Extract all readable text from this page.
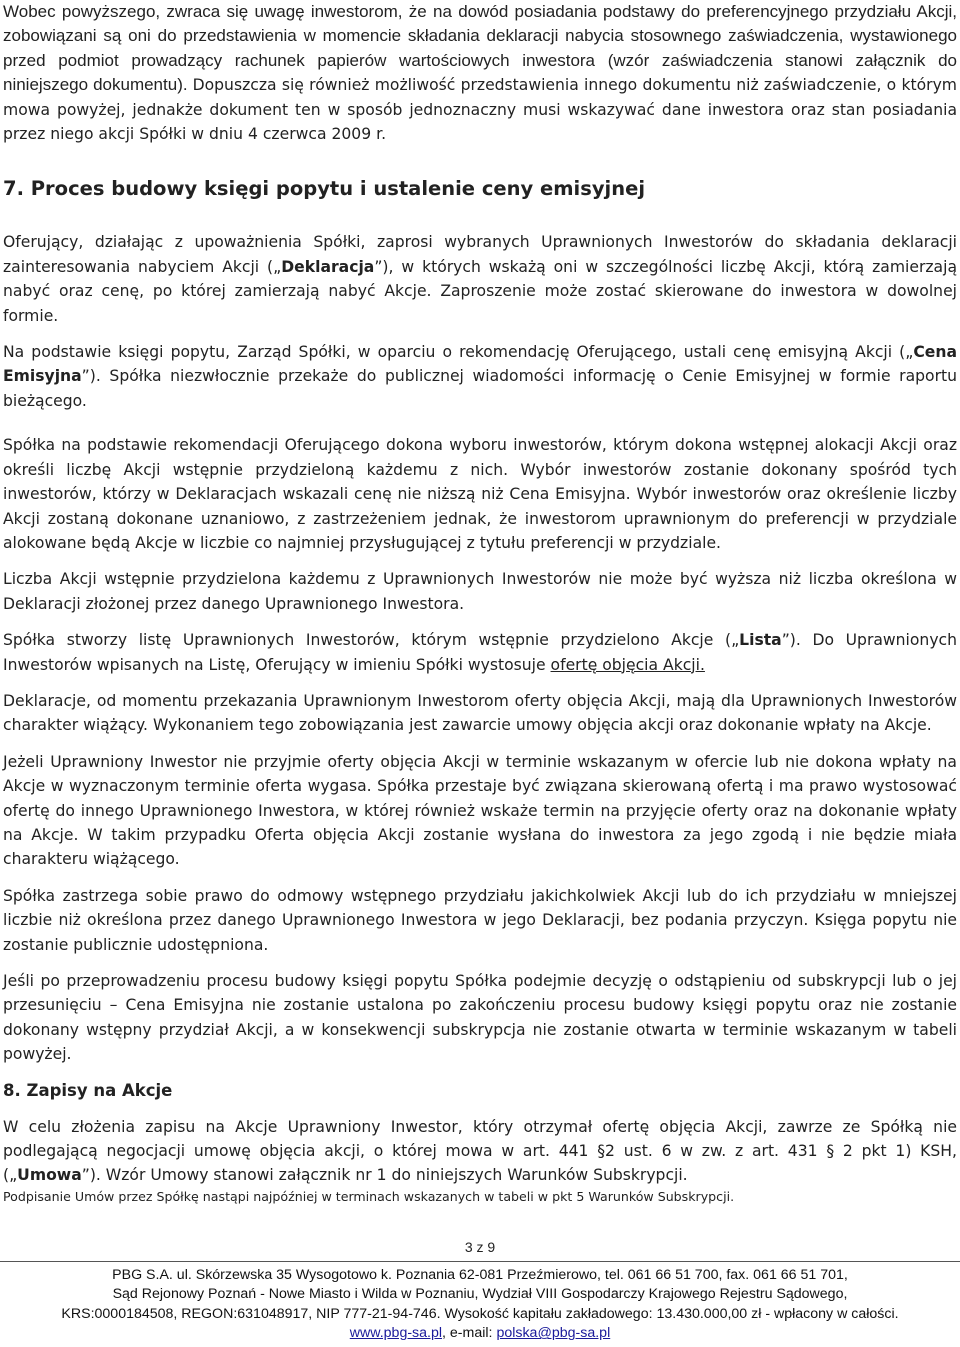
Wobec powyższego, zwraca się uwagę inwestorom, że na dowód posiadania podstawy do preferencyjnego przydziału Akcji, zobowiązani są oni do przedstawienia w momencie składania deklaracji nabycia stosownego zaświadczenia, wystawionego przed podmiot prowadzący rachunek papierów wartościowych inwestora (wzór zaświadczenia stanowi załącznik do niniejszego dokumentu). Dopuszcza się również możliwość przedstawienia innego dokumentu niż zaświadczenie, o którym mowa powyżej, jednakże dokument ten w sposób jednoznaczny musi wskazywać dane inwestora oraz stan posiadania przez niego akcji Spółki w dniu 4 czerwca 2009 r.

7. Proces budowy księgi popytu i ustalenie ceny emisyjnej

Oferujący, działając z upoważnienia Spółki, zaprosi wybranych Uprawnionych Inwestorów do składania deklaracji zainteresowania nabyciem Akcji („Deklaracja”), w których wskażą oni w szczególności liczbę Akcji, którą zamierzają nabyć oraz cenę, po której zamierzają nabyć Akcje. Zaproszenie może zostać skierowane do inwestora w dowolnej formie.

Na podstawie księgi popytu, Zarząd Spółki, w oparciu o rekomendację Oferującego, ustali cenę emisyjną Akcji („Cena Emisyjna”). Spółka niezwłocznie przekaże do publicznej wiadomości informację o Cenie Emisyjnej w formie raportu bieżącego.

Spółka na podstawie rekomendacji Oferującego dokona wyboru inwestorów, którym dokona wstępnej alokacji Akcji oraz określi liczbę Akcji wstępnie przydzieloną każdemu z nich. Wybór inwestorów zostanie dokonany spośród tych inwestorów, którzy w Deklaracjach wskazali cenę nie niższą niż Cena Emisyjna. Wybór inwestorów oraz określenie liczby Akcji zostaną dokonane uznaniowo, z zastrzeżeniem jednak, że inwestorom uprawnionym do preferencji w przydziale alokowane będą Akcje w liczbie co najmniej przysługującej z tytułu preferencji w przydziale.

Liczba Akcji wstępnie przydzielona każdemu z Uprawnionych Inwestorów nie może być wyższa niż liczba określona w Deklaracji złożonej przez danego Uprawnionego Inwestora.

Spółka stworzy listę Uprawnionych Inwestorów, którym wstępnie przydzielono Akcje („Lista”). Do Uprawnionych Inwestorów wpisanych na Listę, Oferujący w imieniu Spółki wystosuje ofertę objęcia Akcji.

Deklaracje, od momentu przekazania Uprawnionym Inwestorom oferty objęcia Akcji, mają dla Uprawnionych Inwestorów charakter wiążący. Wykonaniem tego zobowiązania jest zawarcie umowy objęcia akcji oraz dokonanie wpłaty na Akcje.

Jeżeli Uprawniony Inwestor nie przyjmie oferty objęcia Akcji w terminie wskazanym w ofercie lub nie dokona wpłaty na Akcje w wyznaczonym terminie oferta wygasa. Spółka przestaje być związana skierowaną ofertą i ma prawo wystosować ofertę do innego Uprawnionego Inwestora, w której również wskaże termin na przyjęcie oferty oraz na dokonanie wpłaty na Akcje. W takim przypadku Oferta objęcia Akcji zostanie wysłana do inwestora za jego zgodą i nie będzie miała charakteru wiążącego.

Spółka zastrzega sobie prawo do odmowy wstępnego przydziału jakichkolwiek Akcji lub do ich przydziału w mniejszej liczbie niż określona przez danego Uprawnionego Inwestora w jego Deklaracji, bez podania przyczyn. Księga popytu nie zostanie publicznie udostępniona.

Jeśli po przeprowadzeniu procesu budowy księgi popytu Spółka podejmie decyzję o odstąpieniu od subskrypcji lub o jej przesunięciu – Cena Emisyjna nie zostanie ustalona po zakończeniu procesu budowy księgi popytu oraz nie zostanie dokonany wstępny przydział Akcji, a w konsekwencji subskrypcja nie zostanie otwarta w terminie wskazanym w tabeli powyżej.

8. Zapisy na Akcje

W celu złożenia zapisu na Akcje Uprawniony Inwestor, który otrzymał ofertę objęcia Akcji, zawrze ze Spółką nie podlegającą negocjacji umowę objęcia akcji, o której mowa w art. 441 §2 ust. 6 w zw. z art. 431 § 2 pkt 1) KSH, („Umowa”). Wzór Umowy stanowi załącznik nr 1 do niniejszych Warunków Subskrypcji.

Podpisanie Umów przez Spółkę nastąpi najpóźniej w terminach wskazanych w tabeli w pkt 5 Warunków Subskrypcji.

3 z 9
PBG S.A. ul. Skórzewska 35 Wysogotowo k. Poznania 62-081 Przeźmierowo, tel. 061 66 51 700, fax. 061 66 51 701,
Sąd Rejonowy Poznań - Nowe Miasto i Wilda w Poznaniu, Wydział VIII Gospodarczy Krajowego Rejestru Sądowego,
KRS:0000184508, REGON:631048917, NIP 777-21-94-746. Wysokość kapitału zakładowego: 13.430.000,00 zł - wpłacony w całości.
www.pbg-sa.pl, e-mail: polska@pbg-sa.pl
